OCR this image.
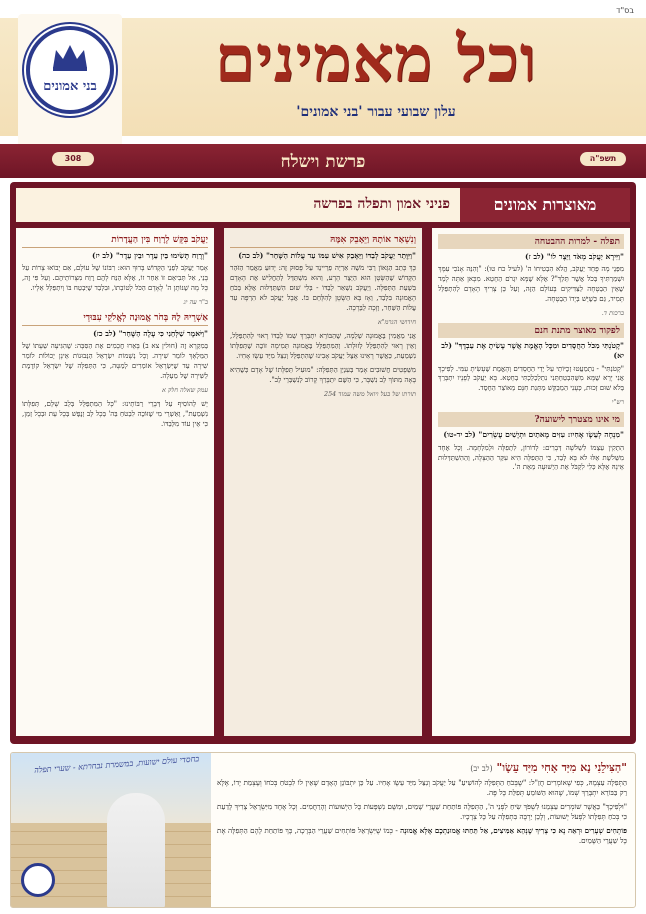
בס"ד
בני אמונים	וכל מאמינים
עלון שבועי עבור 'בני אמונים'
308	תשפ"ה
פרשת וישלח
מאוצרות אמונים
פניני אמון ותפלה בפרשה
תפלה - למרות ההבטחה
"וַיִּירָא יַעֲקֹב מְאֹד וַיֵּצֶר לוֹ" (לב ז)
מִפְּנֵי מָה פָּחַד יַעֲקֹב, הֲלֹא הִבְטִיחוֹ ה' (לעיל כח טו): "וְהִנֵּה אָנֹכִי עִמָּךְ וּשְׁמַרְתִּיךָ בְּכֹל אֲשֶׁר תֵּלֵךְ"? אֶלָּא שֶׁמָּא יִגְרֹם הַחֵטְא. מִכָּאן אַתָּה לָמֵד שֶׁאֵין הַבְטָחָה לַצַּדִּיקִים בָּעוֹלָם הַזֶּה, וְעַל כֵּן צָרִיךְ הָאָדָם לְהִתְפַּלֵּל תָּמִיד, גַּם כְּשֶׁיֵּשׁ בְּיָדוֹ הַבְטָחָה.
ברכות ד.
לפקוד מאוצר מתנת חנם
"קָטֹנְתִּי מִכֹּל הַחֲסָדִים וּמִכָּל הָאֱמֶת אֲשֶׁר עָשִׂיתָ אֶת עַבְדֶּךָ" (לב יא)
"קָטֹנְתִּי" - נִתְמַעֲטוּ זְכֻיּוֹתַי עַל יְדֵי הַחֲסָדִים וְהָאֱמֶת שֶׁעָשִׂיתָ עִמִּי. לְפִיכָךְ אֲנִי יָרֵא שֶׁמָּא מִשֶּׁהִבְטַחְתַּנִי נִתְלַכְלַכְתִּי בְחֵטְא. בָּא יַעֲקֹב לְפָנָיו יִתְבָּרַךְ בְּלֹא שׁוּם זְכוּת, כְּעָנִי הַמְבַקֵּשׁ מַתְּנַת חִנָּם מֵאוֹצַר הַחֶסֶד.
רש"י
מי אינו מצטרך לישועה?
"מִנְחָה לְעֵשָׂו אָחִיו: עִזִּים מָאתַיִם וּתְיָשִׁים עֶשְׂרִים" (לב יד-טו)
הִתְקִין עַצְמוֹ לִשְׁלֹשָׁה דְּבָרִים: לְדוֹרוֹן, לִתְפִלָּה וּלְמִלְחָמָה. וְכָל אֶחָד מִשְּׁלֹשֶׁת אֵלּוּ לֹא בָּא לְבַד, כִּי הַתְּפִלָּה הִיא עִקַּר הַהַצָּלָה, וְהַהִשְׁתַּדְּלוּת אֵינָהּ אֶלָּא כְּלִי לִקְבֹּל אֶת הַיְשׁוּעָה מֵאֵת ה'.
וְנִשְׁאַר אוֹתָהּ וַיֵּאָבֵק אִמָּהּ
"וַיִּוָּתֵר יַעֲקֹב לְבַדּוֹ וַיֵּאָבֵק אִישׁ עִמּוֹ עַד עֲלוֹת הַשָּׁחַר" (לב כה)
כָּךְ כָּתַב הַגָּאוֹן רַבִּי מֹשֶׁה אַרְיֵה פְרֵיינְד עַל פָּסוּק זֶה: יָדוּעַ מַאֲמַר הַזֹּהַר הַקָּדוֹשׁ שֶׁהַשָּׂטָן הוּא הַיֵּצֶר הָרָע, וְהוּא מִשְׁתַּדֵּל לְהַחֲלִישׁ אֶת הָאָדָם בִּשְׁעַת הַתְּפִלָּה. וְיַעֲקֹב נִשְׁאַר לְבַדּוֹ - בְּלִי שׁוּם הִשְׁתַּדְּלוּת אֶלָּא בְּכֹחַ הָאֱמוּנָה בִּלְבַד, וְאָז בָּא הַשָּׂטָן לְהִלָּחֵם בּוֹ. אֲבָל יַעֲקֹב לֹא הִרְפָּה עַד עֲלוֹת הַשַּׁחַר, וְזָכָה לַבְּרָכָה.
חידושי הגרמ"א
אֲנִי מַאֲמִין בֶּאֱמוּנָה שְׁלֵמָה, שֶׁהַבּוֹרֵא יִתְבָּרַךְ שְׁמוֹ לְבַדּוֹ רָאוּי לְהִתְפַּלֵּל, וְאֵין רָאוּי לְהִתְפַּלֵּל לְזוּלָתוֹ. וְהַמִּתְפַּלֵּל בֶּאֱמוּנָה תְּמִימָה זוֹכֶה שֶׁתְּפִלָּתוֹ נִשְׁמַעַת, כַּאֲשֶׁר רָאִינוּ אֵצֶל יַעֲקֹב אָבִינוּ שֶׁהִתְפַּלֵּל וְנִצַּל מִיַּד עֵשָׂו אָחִיו.
מִשְּׁפָטִים חֲשׁוּבִים אָמַר בְּעִנְיַן הַתְּפִלָּה: "מוּעִיל תְּפִלָּתוֹ שֶׁל אָדָם כְּשֶׁהִיא בָּאָה מִתּוֹךְ לֵב נִשְׁבָּר, כִּי הַשֶּׁם יִתְבָּרַךְ קָרוֹב לְנִשְׁבְּרֵי לֵב".
תורתו של בעל ויואל משה עמוד 254
יַעֲקֹב בִּקֵּשׁ לְרָוַח בִּין הַעֲדָרוֹת
"וְרֶוַח תָּשִׂימוּ בֵּין עֵדֶר וּבֵין עֵדֶר" (לב יז)
אָמַר יַעֲקֹב לִפְנֵי הַקָּדוֹשׁ בָּרוּךְ הוּא: רִבּוֹנוֹ שֶׁל עוֹלָם, אִם יָבוֹאוּ צָרוֹת עַל בָּנַי, אַל תְּבִיאֵם זוֹ אַחַר זוֹ, אֶלָּא הַנַּח לָהֶם רֶוַח מִצָּרוֹתֵיהֶם. וְעַל פִּי זֶה, כָּל מָה שֶׁנּוֹתֵן ה' לָאָדָם הַכֹּל לְטוֹבָתוֹ, וּבִלְבַד שֶׁיִּבְטַח בּוֹ וְיִתְפַּלֵּל אֵלָיו.
ב"ר עה יג
אַשְׁרֵיהּ לָהּ בְּחֹר אֱמוּנָה לְאֱלֹקֵי עִבּוּדֵי
"וַיֹּאמֶר שַׁלְּחֵנִי כִּי עָלָה הַשָּׁחַר" (לב כז)
בְּמִקְרָא זֶה (חולין צא ב) בָּאֵרוּ חֲכָמִים אֶת הַסִּבָּה: שֶׁהִגִּיעָה שְׁעָתוֹ שֶׁל הַמַּלְאָךְ לוֹמַר שִׁירָה. וְכָל נְשָׁמוֹת יִשְׂרָאֵל הַנְּבוּנוֹת אֵינָן יְכוֹלוֹת לוֹמַר שִׁירָה עַד שֶׁיִּשְׂרָאֵל אוֹמְרִים לְמַטָּה, כִּי הַתְּפִלָּה שֶׁל יִשְׂרָאֵל קוֹדֶמֶת לַשִּׁירָה שֶׁל מַעְלָה.
עמק שאלה חלק א
יֵשׁ לְהוֹסִיף עַל דְּבָרֵי רַבּוֹתֵינוּ: "כָּל הַמִּתְפַּלֵּל בְּלֵב שָׁלֵם, תְּפִלָּתוֹ נִשְׁמַעַת", וְאַשְׁרֵי מִי שֶׁזּוֹכֶה לִבְטֹחַ בַּה' בְּכָל לֵב וְנֶפֶשׁ בְּכָל עֵת וּבְכָל זְמַן, כִּי אֵין עוֹד מִלְּבַדּוֹ.
בחסדי עולם ישועות, במשמרת נבחרתא - שערי תפלה	"הַצִּילֵנִי נָא מִיַּד אָחִי מִיַּד עֵשָׂו" (לב יב)
הַתְּפִלָּה עַצְמָהּ, כְּפִי שֶׁאוֹמְרִים חֲזַ"ל: "שֶׁבְּכֹחַ הַתְּפִלָּה לְהוֹשִׁיעַ" עַל יַעֲקֹב וְנִצַּל מִיַּד עֵשָׂו אָחִיו. עַל כֵּן יִתְבּוֹנֵן הָאָדָם שֶׁאֵין לוֹ לִבְטֹחַ בְּכֹחוֹ וְעָצְמַת יָדוֹ, אֶלָּא רַק בַּבּוֹרֵא יִתְבָּרַךְ שְׁמוֹ, שֶׁהוּא הַשּׁוֹמֵעַ תְּפִלַּת כָּל פֶּה.
"וּלְפִיכָךְ" כַּאֲשֶׁר שׁוֹמְרִים עַצְמֵנוּ לִשְׁפֹּךְ שִׂיחַ לִפְנֵי ה', הַתְּפִלָּה פּוֹתַחַת שַׁעֲרֵי שָׁמַיִם, וּמִשָּׁם נִשְׁפָּעוֹת כָּל הַיְשׁוּעוֹת וְהָרַחֲמִים. וְכָל אֶחָד מִיִּשְׂרָאֵל צָרִיךְ לָדַעַת כִּי בְּכֹחַ תְּפִלָּתוֹ לִפְעֹל יְשׁוּעוֹת, וְלָכֵן יַרְבֶּה בִּתְפִלָּה עַל כָּל צְרָכָיו.
פּוֹתְחִים שְׁעָרִים וּרְאֵה נָא כִּי צָרִיךְ שֶׁנְּהֵא אַמִּיצִים, אַל תֵּחַתּוּ אֱמוּנַתְכֶם אֶלָּא אֱמוּנָה - כְּמוֹ שֶׁיִּשְׂרָאֵל פּוֹתְחִים שַׁעֲרֵי הַבְּרָכָה, כָּךְ פּוֹתַחַת לָהֶם הַתְּפִלָּה אֶת כָּל שַׁעֲרֵי הַשָּׁמַיִם.
